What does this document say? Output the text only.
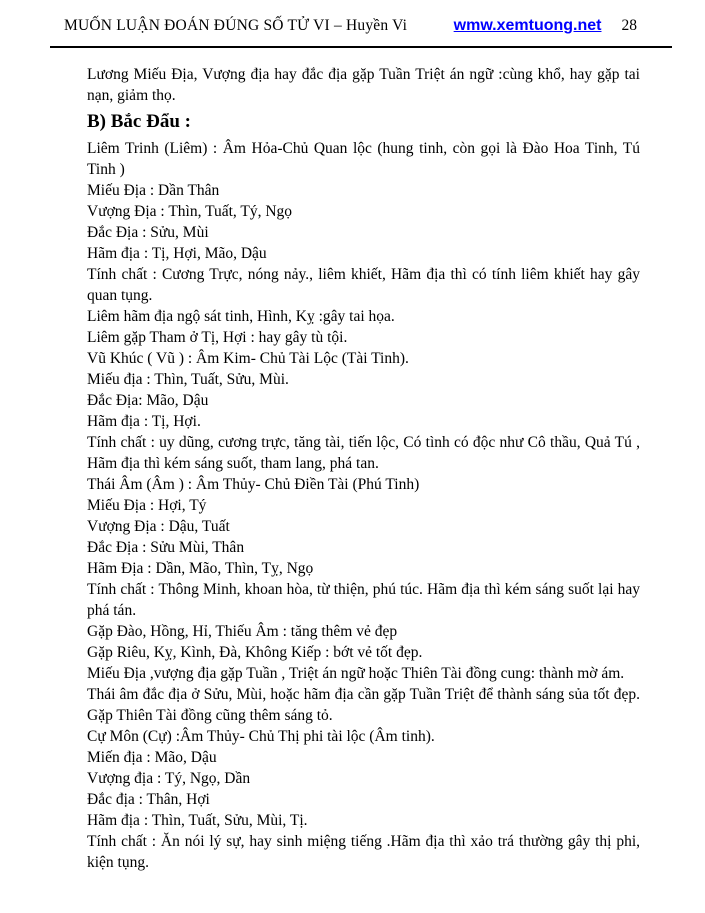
MUỐN LUẬN ĐOÁN ĐÚNG SỐ TỬ VI – Huyền Vi	wmw.xemtuong.net 28

Lương Miếu Địa, Vượng địa hay đắc địa gặp Tuần Triệt án ngữ :cùng khổ, hay gặp tai nạn, giảm thọ.

B) Bắc Đẩu :

Liêm Trinh (Liêm) : Âm Hỏa-Chủ Quan lộc (hung tinh, còn gọi là Đào Hoa Tinh, Tú Tinh )

Miếu Địa : Dần Thân

Vượng Địa : Thìn, Tuất, Tý, Ngọ

Đắc Địa : Sửu, Mùi

Hãm địa : Tị, Hợi, Mão, Dậu

Tính chất : Cương Trực, nóng nảy., liêm khiết, Hãm địa thì có tính liêm khiết hay gây quan tụng.

Liêm hãm địa ngộ sát tinh, Hình, Kỵ :gây tai họa.

Liêm gặp Tham ở Tị, Hợi : hay gây tù tội.

Vũ Khúc ( Vũ ) : Âm Kim- Chủ Tài Lộc (Tài Tinh).

Miếu địa : Thìn, Tuất, Sửu, Mùi.

Đắc Địa: Mão, Dậu

Hãm địa : Tị, Hợi.

Tính chất : uy dũng, cương trực, tăng tài, tiến lộc, Có tình có độc như Cô thầu, Quả Tú , Hãm địa thì kém sáng suốt, tham lang, phá tan.

Thái Âm (Âm ) : Âm Thủy- Chủ Điền Tài (Phú Tinh)

Miếu Địa : Hợi, Tý

Vượng Địa : Dậu, Tuất

Đắc Địa : Sửu Mùi, Thân

Hãm Địa : Dần, Mão, Thìn, Tỵ, Ngọ

Tính chất : Thông Minh, khoan hòa, từ thiện, phú túc. Hãm địa thì kém sáng suốt lại hay phá tán.

Gặp Đào, Hồng, Hỉ, Thiếu Âm : tăng thêm vẻ đẹp

Gặp Riêu, Kỵ, Kình, Đà, Không Kiếp : bớt vẻ tốt đẹp.

Miếu Địa ,vượng địa gặp Tuần , Triệt án ngữ hoặc Thiên Tài đồng cung: thành mờ ám.

Thái âm đắc địa ở Sửu, Mùi, hoặc hãm địa cần gặp Tuần Triệt để thành sáng sủa tốt đẹp. Gặp Thiên Tài đồng cũng thêm sáng tỏ.

Cự Môn (Cự) :Âm Thủy- Chủ Thị phi tài lộc (Âm tinh).

Miến địa : Mão, Dậu

Vượng địa : Tý, Ngọ, Dần

Đắc địa : Thân, Hợi

Hãm địa : Thìn, Tuất, Sửu, Mùi, Tị.

Tính chất : Ăn nói lý sự, hay sinh miệng tiếng .Hãm địa thì xảo trá thường gây thị phi, kiện tụng.
